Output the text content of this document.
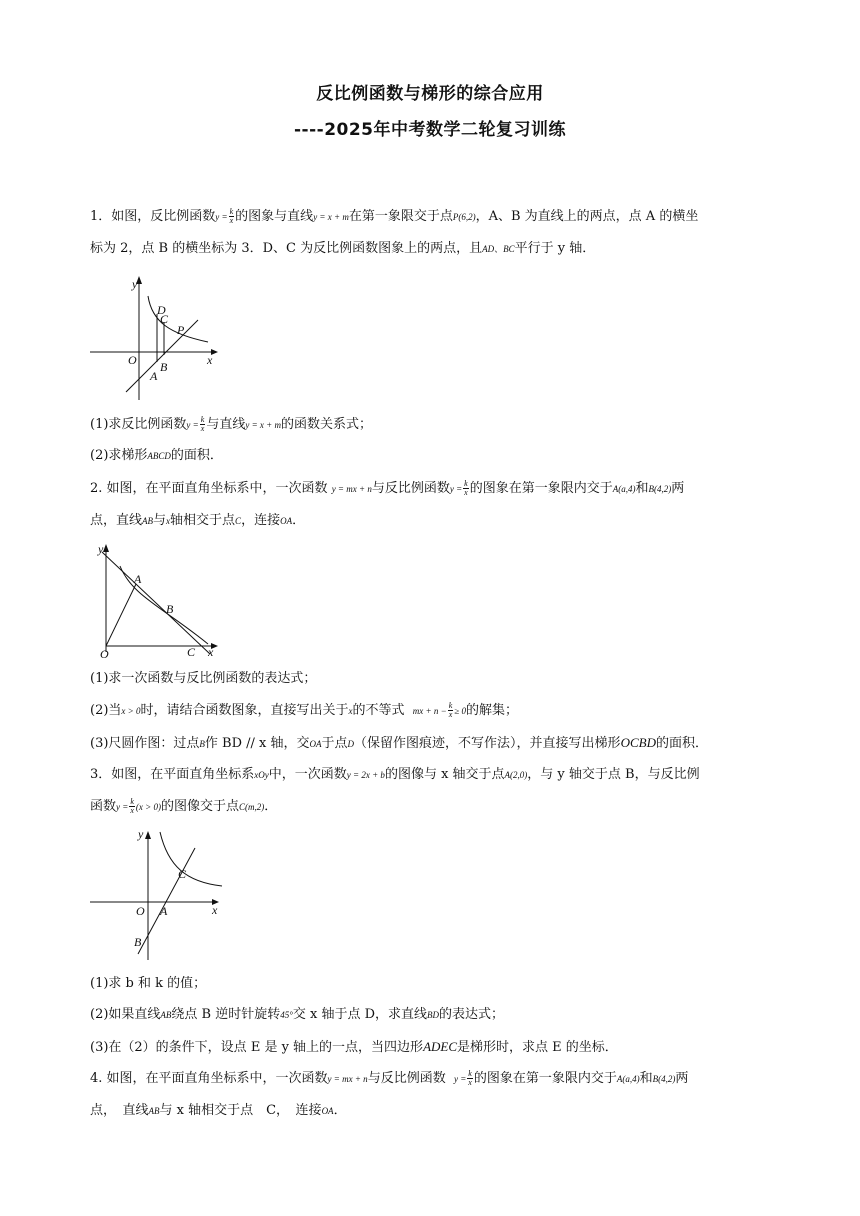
反比例函数与梯形的综合应用
----2025年中考数学二轮复习训练
1．如图，反比例函数$y = \frac{k}{x}$ 的图象与直线y = x + m在第一象限交于点P(6,2)，A、B 为直线上的两点，点 A 的横坐
标为 2，点 B 的横坐标为 3．D、C 为反比例函数图象上的两点，且AD、BC平行于 y 轴．
y
x
O
D
C
P
A
B
(1)求反比例函数$y = \frac{k}{x}$ 与直线y = x + m的函数关系式；
(2)求梯形ABCD的面积．
2. 如图，在平面直角坐标系中，一次函数 y = mx + n与反比例函数$y = \frac{k}{x}$ 的图象在第一象限内交于A(a,4)和B(4,2)两
点，直线AB与x轴相交于点C，连接OA．
y
x
O
A
B
C
(1)求一次函数与反比例函数的表达式；
(2)当x > 0时，请结合函数图象，直接写出关于x的不等式 mx + $n - \frac{k}{x} \ge 0$的解集；
(3)尺圆作图：过点B作 BD // x 轴，交OA于点D（保留作图痕迹，不写作法），并直接写出梯形OCBD的面积．
3．如图，在平面直角坐标系xOy中，一次函数y = 2x + b的图像与 x 轴交于点A(2,0)，与 y 轴交于点 B，与反比例
函数$y = \frac{k}{x} (x > 0)$的图像交于点C(m,2)．
y
x
O A
B
C
(1)求 b 和 k 的值；
(2)如果直线AB绕点 B 逆时针旋转45°交 x 轴于点 D，求直线BD的表达式；
(3)在（2）的条件下，设点 E 是 y 轴上的一点，当四边形ADEC是梯形时，求点 E 的坐标．
4. 如图，在平面直角坐标系中，一次函数y = mx + n与反比例函数 $y = \frac{k}{x}$ 的图象在第一象限内交于A(a,4)和B(4,2)两
点，　直线AB与 x 轴相交于点　C，　连接OA．
